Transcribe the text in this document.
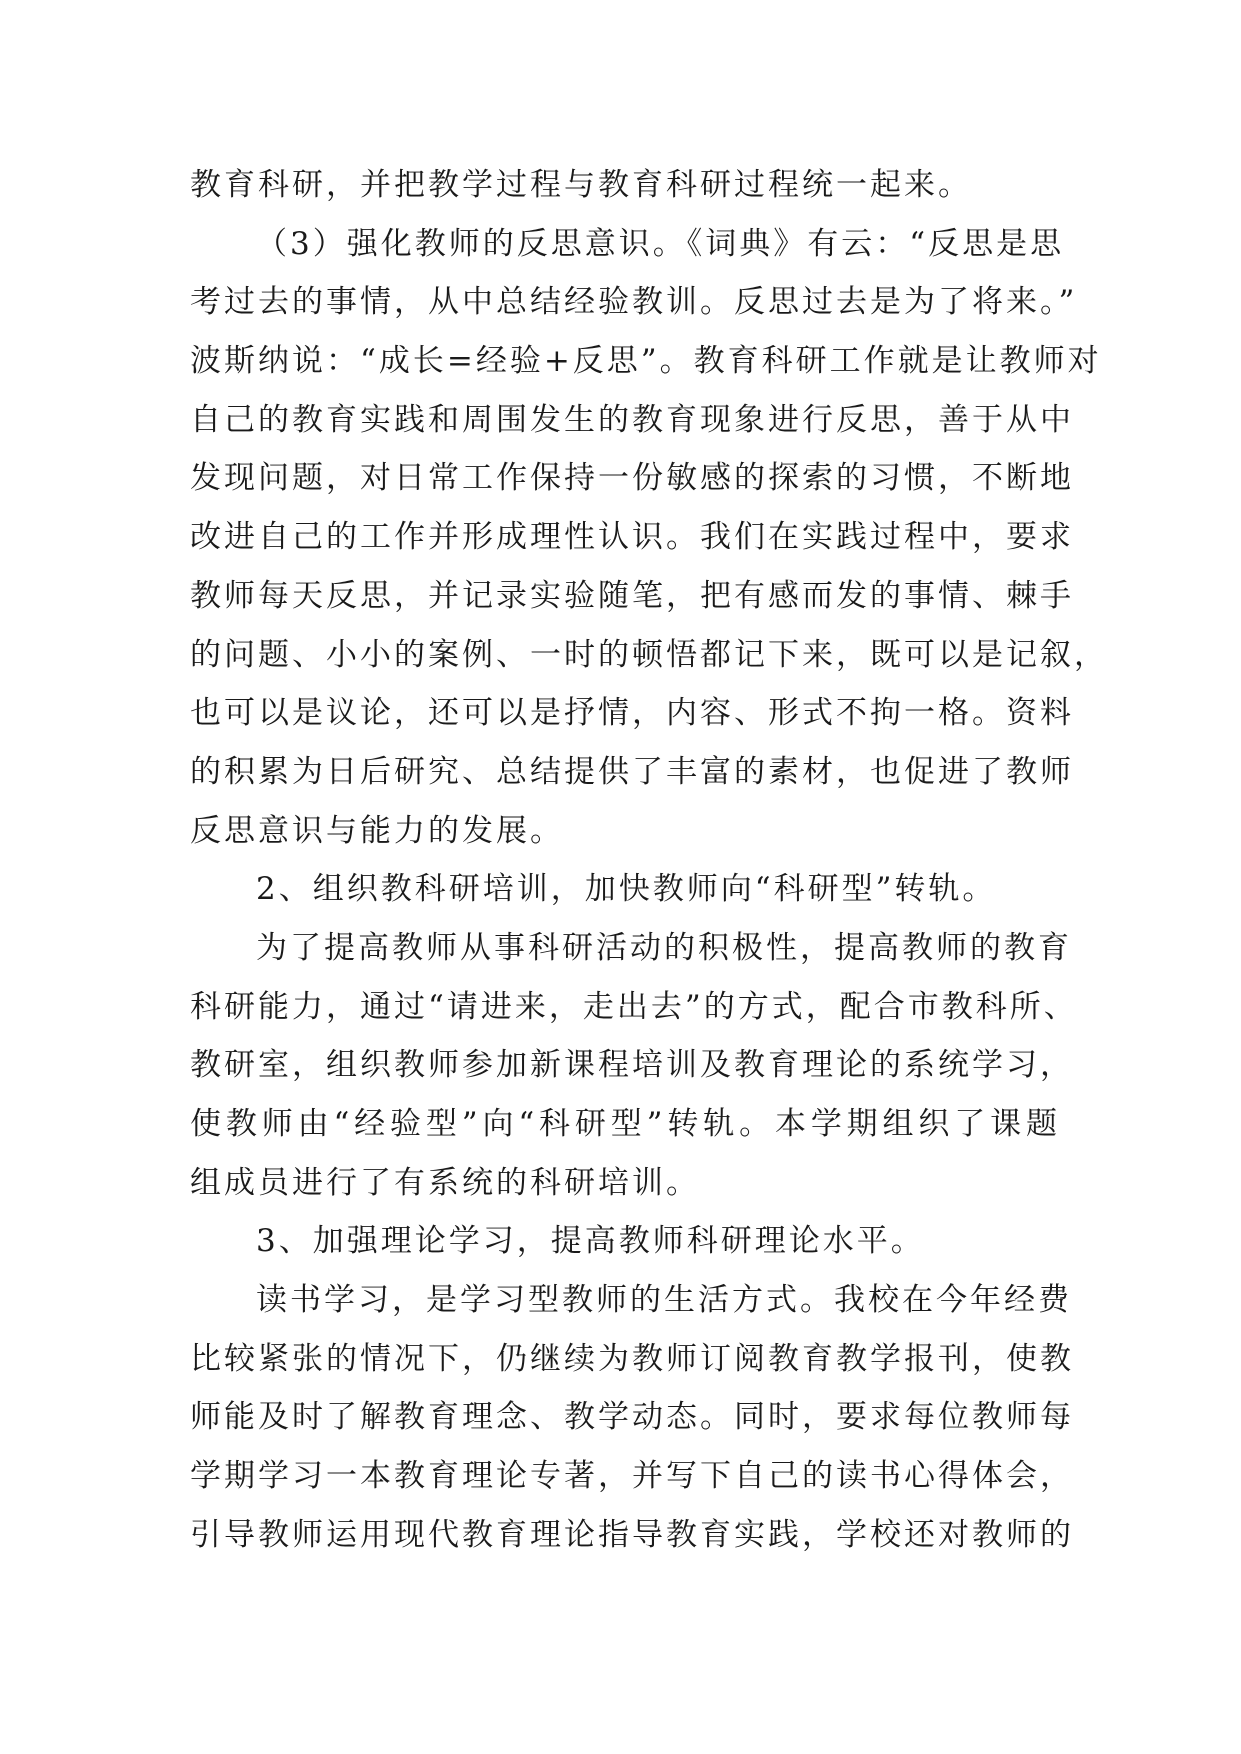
教育科研，并把教学过程与教育科研过程统一起来。
（3）强化教师的反思意识。《词典》有云：“反思是思
考过去的事情，从中总结经验教训。反思过去是为了将来。”
波斯纳说：“成长=经验+反思”。教育科研工作就是让教师对
自己的教育实践和周围发生的教育现象进行反思，善于从中
发现问题，对日常工作保持一份敏感的探索的习惯，不断地
改进自己的工作并形成理性认识。我们在实践过程中，要求
教师每天反思，并记录实验随笔，把有感而发的事情、棘手
的问题、小小的案例、一时的顿悟都记下来，既可以是记叙，
也可以是议论，还可以是抒情，内容、形式不拘一格。资料
的积累为日后研究、总结提供了丰富的素材，也促进了教师
反思意识与能力的发展。
2、组织教科研培训，加快教师向“科研型”转轨。
为了提高教师从事科研活动的积极性，提高教师的教育
科研能力，通过“请进来，走出去”的方式，配合市教科所、
教研室，组织教师参加新课程培训及教育理论的系统学习，
使教师由“经验型”向“科研型”转轨。本学期组织了课题
组成员进行了有系统的科研培训。
3、加强理论学习，提高教师科研理论水平。
读书学习，是学习型教师的生活方式。我校在今年经费
比较紧张的情况下，仍继续为教师订阅教育教学报刊，使教
师能及时了解教育理念、教学动态。同时，要求每位教师每
学期学习一本教育理论专著，并写下自己的读书心得体会，
引导教师运用现代教育理论指导教育实践，学校还对教师的
